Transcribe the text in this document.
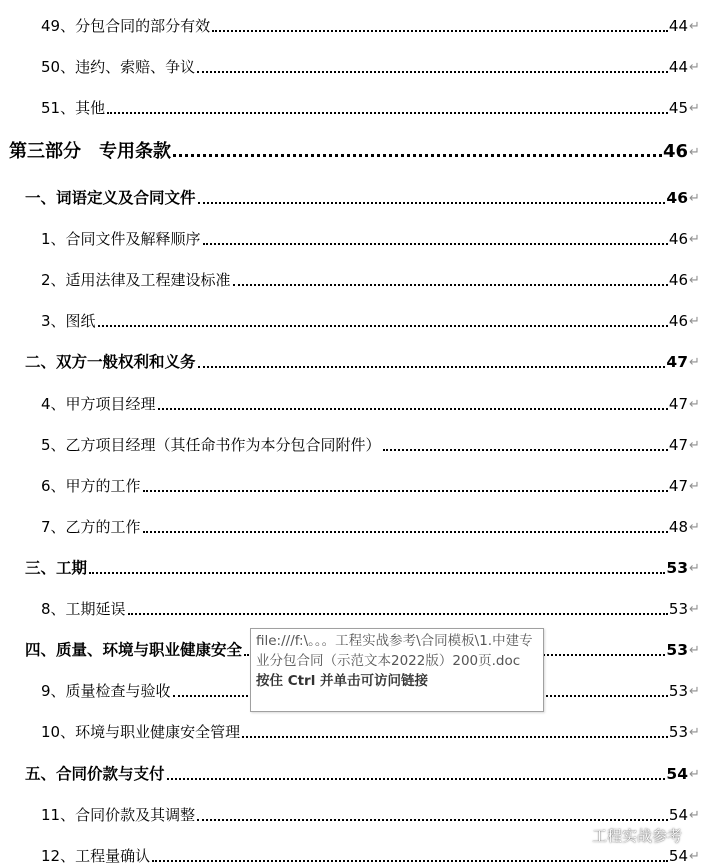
49、分包合同的部分有效	44 ↵
50、违约、索赔、争议	44 ↵
51、其他	45 ↵
第三部分　专用条款	46 ↵
一、词语定义及合同文件	46 ↵
1、合同文件及解释顺序	46 ↵
2、适用法律及工程建设标准	46 ↵
3、图纸	46 ↵
二、双方一般权利和义务	47 ↵
4、甲方项目经理	47 ↵
5、乙方项目经理（其任命书作为本分包合同附件）	47 ↵
6、甲方的工作	47 ↵
7、乙方的工作	48 ↵
三、工期	53 ↵
8、工期延误	53 ↵
四、质量、环境与职业健康安全	53 ↵
9、质量检查与验收	53 ↵
10、环境与职业健康安全管理	53 ↵
五、合同价款与支付	54 ↵
11、合同价款及其调整	54 ↵
12、工程量确认	54 ↵
file:///f:\。。。工程实战参考\合同模板\1.中建专业分包合同（示范文本2022版）200页.doc
按住 Ctrl 并单击可访问链接
工程实战参考
